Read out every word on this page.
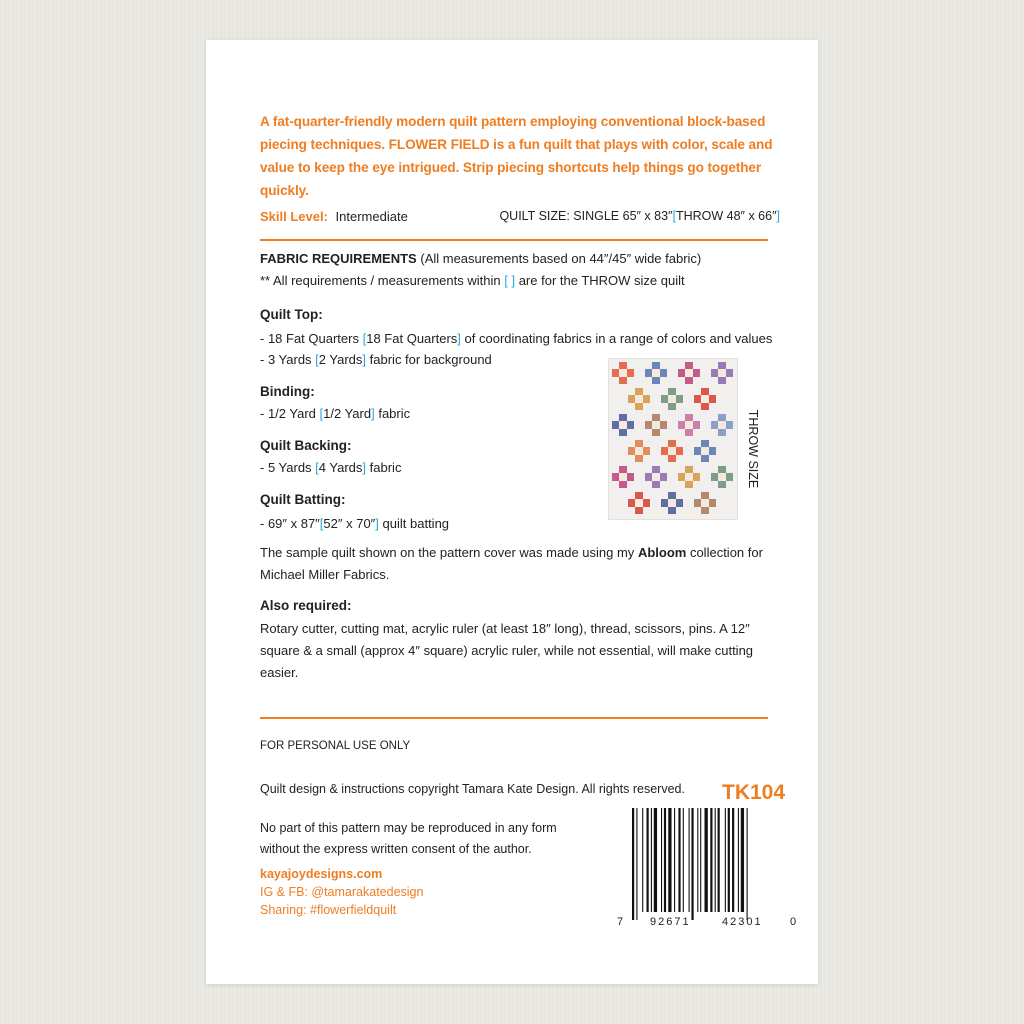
A fat-quarter-friendly modern quilt pattern employing conventional block-based piecing techniques. FLOWER FIELD is a fun quilt that plays with color, scale and value to keep the eye intrigued. Strip piecing shortcuts help things go together quickly.
Skill Level: Intermediate	QUILT SIZE: SINGLE 65″ x 83″[THROW 48″ x 66″]
FABRIC REQUIREMENTS (All measurements based on 44″/45″ wide fabric)
** All requirements / measurements within [ ] are for the THROW size quilt
Quilt Top:
- 18 Fat Quarters [18 Fat Quarters] of coordinating fabrics in a range of colors and values
- 3 Yards [2 Yards] fabric for background
Binding:
- 1/2 Yard [1/2 Yard] fabric
Quilt Backing:
- 5 Yards [4 Yards] fabric
Quilt Batting:
- 69″ x 87″[52″ x 70″] quilt batting
The sample quilt shown on the pattern cover was made using my Abloom collection for
Michael Miller Fabrics.
Also required:
Rotary cutter, cutting mat, acrylic ruler (at least 18″ long), thread, scissors, pins. A 12″
square & a small (approx 4″ square) acrylic ruler, while not essential, will make cutting
easier.
THROW SIZE
FOR PERSONAL USE ONLY
Quilt design & instructions copyright Tamara Kate Design. All rights reserved. TK104
No part of this pattern may be reproduced in any form
without the express written consent of the author.
kayajoydesigns.com
IG & FB: @tamarakatedesign
Sharing: #flowerfieldquilt
7 92671	42301 0
